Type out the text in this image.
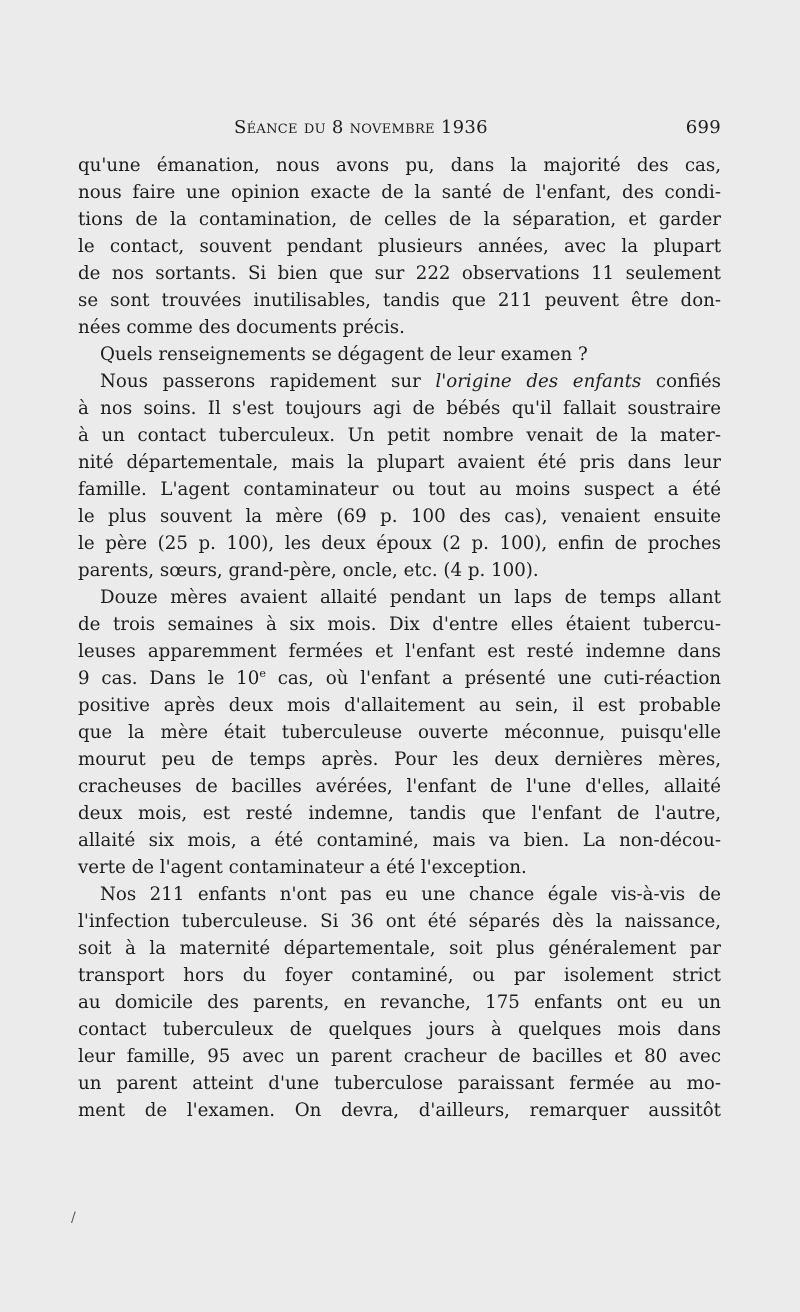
Séance du 8 novembre 1936	699
qu'une émanation, nous avons pu, dans la majorité des cas,
nous faire une opinion exacte de la santé de l'enfant, des condi-
tions de la contamination, de celles de la séparation, et garder
le contact, souvent pendant plusieurs années, avec la plupart
de nos sortants. Si bien que sur 222 observations 11 seulement
se sont trouvées inutilisables, tandis que 211 peuvent être don-
nées comme des documents précis.
Quels renseignements se dégagent de leur examen ?
Nous passerons rapidement sur l'origine des enfants confiés
à nos soins. Il s'est toujours agi de bébés qu'il fallait soustraire
à un contact tuberculeux. Un petit nombre venait de la mater-
nité départementale, mais la plupart avaient été pris dans leur
famille. L'agent contaminateur ou tout au moins suspect a été
le plus souvent la mère (69 p. 100 des cas), venaient ensuite
le père (25 p. 100), les deux époux (2 p. 100), enfin de proches
parents, sœurs, grand-père, oncle, etc. (4 p. 100).
Douze mères avaient allaité pendant un laps de temps allant
de trois semaines à six mois. Dix d'entre elles étaient tubercu-
leuses apparemment fermées et l'enfant est resté indemne dans
9 cas. Dans le 10e cas, où l'enfant a présenté une cuti-réaction
positive après deux mois d'allaitement au sein, il est probable
que la mère était tuberculeuse ouverte méconnue, puisqu'elle
mourut peu de temps après. Pour les deux dernières mères,
cracheuses de bacilles avérées, l'enfant de l'une d'elles, allaité
deux mois, est resté indemne, tandis que l'enfant de l'autre,
allaité six mois, a été contaminé, mais va bien. La non-décou-
verte de l'agent contaminateur a été l'exception.
Nos 211 enfants n'ont pas eu une chance égale vis-à-vis de
l'infection tuberculeuse. Si 36 ont été séparés dès la naissance,
soit à la maternité départementale, soit plus généralement par
transport hors du foyer contaminé, ou par isolement strict
au domicile des parents, en revanche, 175 enfants ont eu un
contact tuberculeux de quelques jours à quelques mois dans
leur famille, 95 avec un parent cracheur de bacilles et 80 avec
un parent atteint d'une tuberculose paraissant fermée au mo-
ment de l'examen. On devra, d'ailleurs, remarquer aussitôt
/
